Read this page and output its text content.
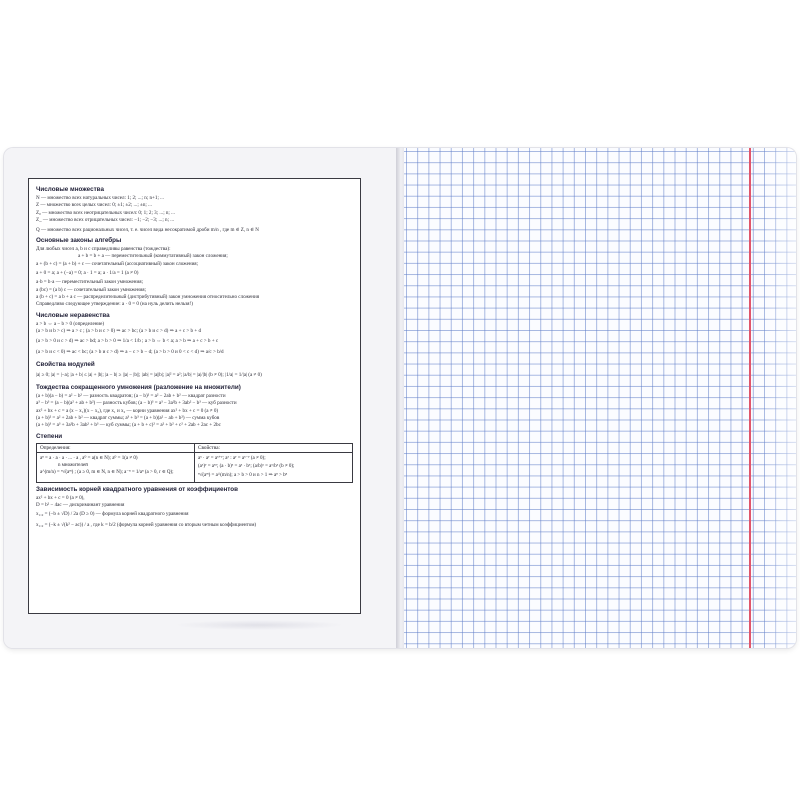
Числовые множества
N — множество всех натуральных чисел: 1; 2; ...; n; n+1; ...
Z — множество всех целых чисел: 0; ±1; ±2; ...; ±n; ...
Z₀ — множество всех неотрицательных чисел: 0; 1; 2; 3; ...; n; ...
Z_ — множество всех отрицательных чисел: −1; −2; −3; ...; n; ...
Q — множество всех рациональных чисел, т. е. чисел вида несократимой дроби m/n , где m ∈ Z, n ∈ N
Основные законы алгебры
Для любых чисел a, b и c справедливы равенства (тождества):
a + b = b + a — переместительный (коммутативный) закон сложения;
a + (b + c) = (a + b) + c — сочетательный (ассоциативный) закон сложения;
a + 0 = a; a + (−a) = 0; a · 1 = a; a · 1/a = 1 (a ≠ 0)
a·b = b·a — переместительный закон умножения;
a (bc) = (a b) c — сочетательный закон умножения;
a (b + c) = a b + a c — распределительный (дистрибутивный) закон умножения относительно сложения
Справедливо следующее утверждение: a · 0 = 0 (на нуль делить нельзя!)
Числовые неравенства
a > b ⇔ a − b > 0 (определение)
(a > b и b > c) ⇒ a > c ; (a > b и c > 0) ⇒ ac > bc; (a > b и c > d) ⇒ a + c > b + d
(a > b > 0 и c > d) ⇒ ac > bd; a > b > 0 ⇒ 1/a < 1/b ; a > b ⇔ b < a; a > b ⇒ a + c > b + c
(a > b и c < 0) ⇒ ac < bc; (a > b и c > d) ⇒ a − c > b − d; (a > b > 0 и 0 < c < d) ⇒ a/c > b/d
Свойства модулей
|a| ≥ 0; |a| = |−a|; |a + b| ≤ |a| + |b|; |a − b| ≥ ||a| − |b||; |ab| = |a||b|; |a|² = a²; |a/b| = |a|/|b| (b ≠ 0); |1/a| = 1/|a| (a ≠ 0)
Тождества сокращенного умножения (разложение на множители)
(a + b)(a − b) = a² − b² — разность квадратов; (a − b)² = a² − 2ab + b² — квадрат разности
a³ − b³ = (a − b)(a² + ab + b²) — разность кубов; (a − b)³ = a³ − 3a²b + 3ab² − b³ — куб разности
ax² + bx + c = a (x − x₁)(x − x₂), где x₁ и x₂ — корни уравнения ax² + bx + c = 0 (a ≠ 0)
(a + b)² = a² + 2ab + b² — квадрат суммы; a³ + b³ = (a + b)(a² − ab + b²) — сумма кубов
(a + b)³ = a³ + 3a²b + 3ab² + b³ — куб суммы; (a + b + c)² = a² + b² + c² + 2ab + 2ac + 2bc
Степени
Определения:
aⁿ = a · a · a · ... · a , a⁰ = a(n ∈ N); a⁰ = 1(a ≠ 0)
n множителей
a^(m/n) = ⁿ√(aᵐ) ; (a ≥ 0, m ∈ N, n ∈ N); a⁻ⁿ = 1/aⁿ (a > 0, r ∈ Q);

Свойства:
aˣ · aʸ = aˣ⁺ʸ; aˣ : aʸ = aˣ⁻ʸ (a ≠ 0);
(aˣ)ʸ = aˣʸ; (a · b)ˣ = aˣ · bˣ; (a/b)ˣ = aˣ/bˣ (b ≠ 0);
ⁿ√(aᵐ) = a^(m/n); a > b > 0 и n > 1 ⇒ aⁿ > bⁿ
Зависимость корней квадратного уравнения от коэффициентов
ax² + bx + c = 0 (a ≠ 0),
D = b² − 4ac — дискриминант уравнения
x₁,₂ = (−b ± √D) / 2a (D ≥ 0) — формула корней квадратного уравнения
x₁,₂ = (−k ± √(k² − ac)) / a , где k = b/2 (формула корней уравнения со вторым четным коэффициентом)
